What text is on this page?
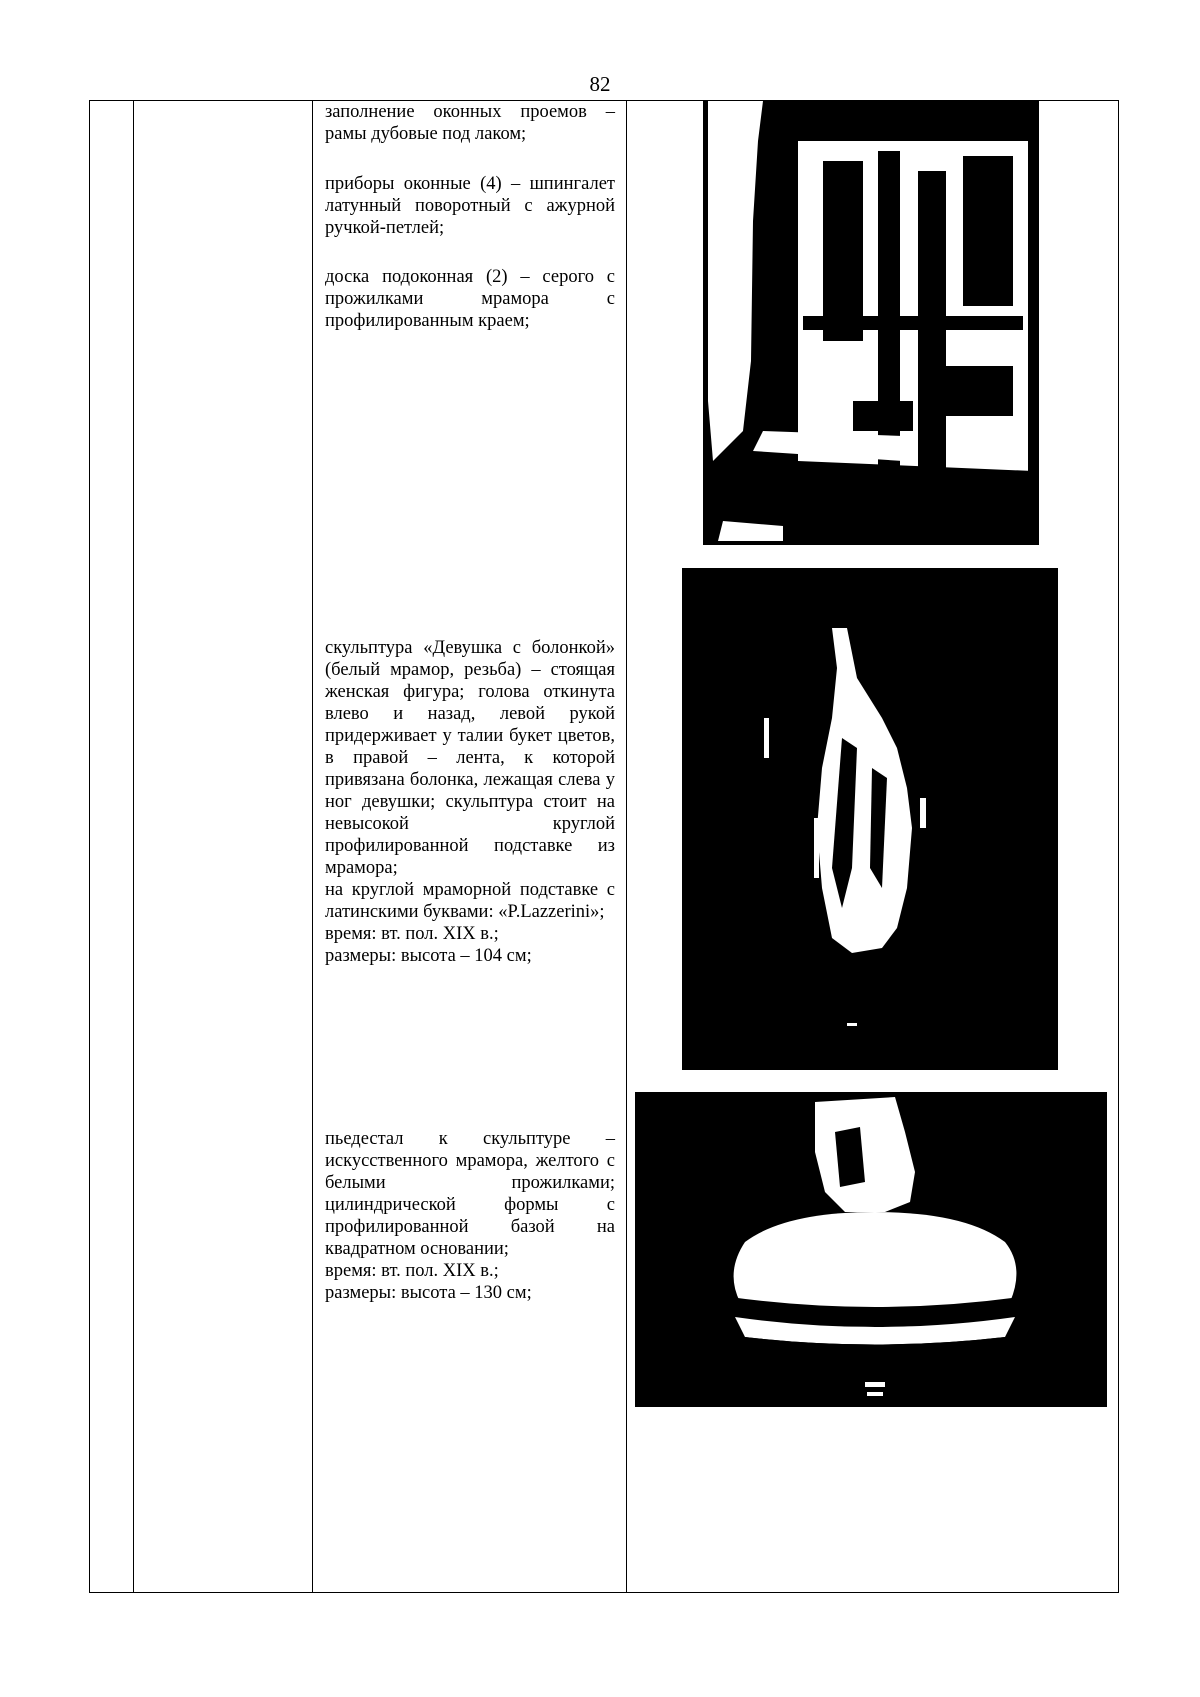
82

заполнение оконных проемов – рамы дубовые под лаком;

приборы оконные (4) – шпингалет латунный поворотный с ажурной ручкой-петлей;

доска подоконная (2) – серого с прожилками мрамора с профилированным краем;

скульптура «Девушка с болонкой» (белый мрамор, резьба) – стоящая женская фигура; голова откинута влево и назад, левой рукой придерживает у талии букет цветов, в правой – лента, к которой привязана болонка, лежащая слева у ног девушки; скульптура стоит на невысокой круглой профилированной подставке из мрамора;

на круглой мраморной подставке с латинскими буквами: «P.Lazzerini»;

время: вт. пол. XIX в.;

размеры: высота – 104 см;

пьедестал к скульптуре – искусственного мрамора, желтого с белыми прожилками; цилиндрической формы с профилированной базой на квадратном основании;

время: вт. пол. XIX в.;

размеры: высота – 130 см;
